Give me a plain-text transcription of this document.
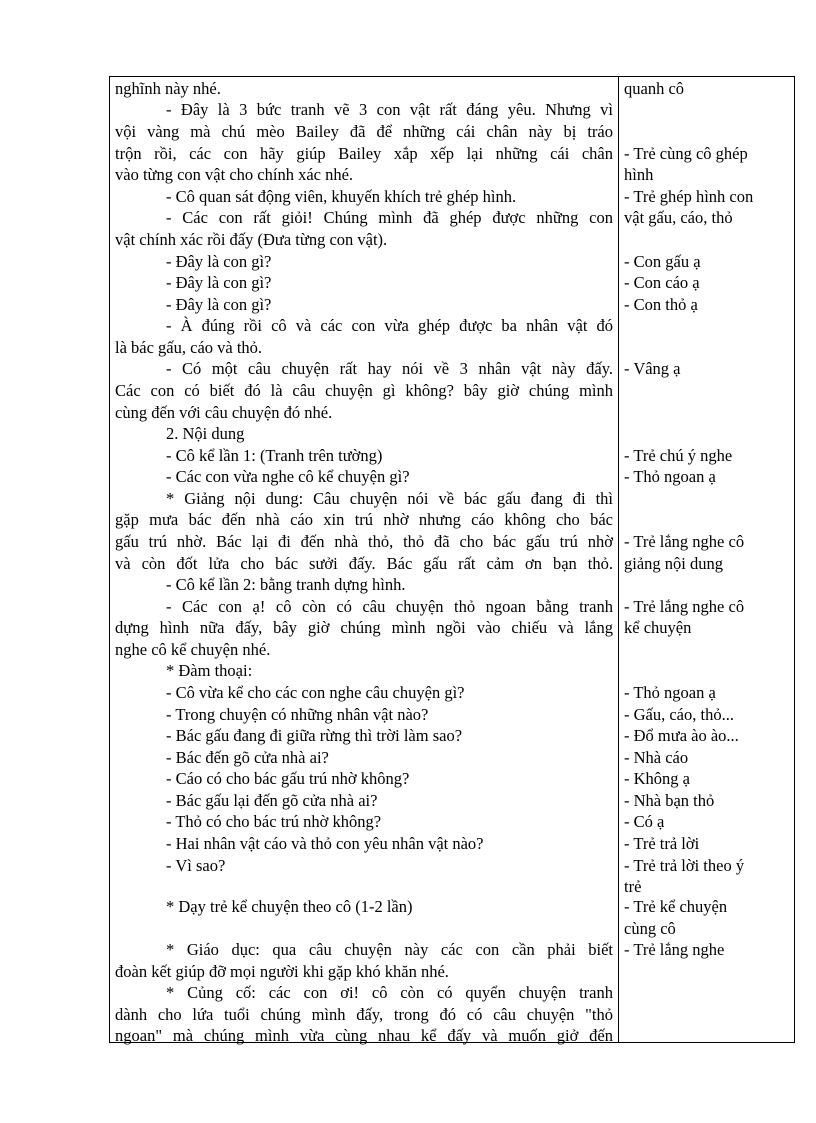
nghĩnh này nhé.
- Đây là 3 bức tranh vẽ 3 con vật rất đáng yêu. Nhưng vì
vội vàng mà chú mèo Bailey đã để những cái chân này bị tráo
trộn rồi, các con hãy giúp Bailey xắp xếp lại những cái chân
vào từng con vật cho chính xác nhé.
- Cô quan sát động viên, khuyến khích trẻ ghép hình.
- Các con rất giỏi! Chúng mình đã ghép được những con
vật chính xác rồi đấy (Đưa từng con vật).
- Đây là con gì?
- Đây là con gì?
- Đây là con gì?
- À đúng rồi cô và các con vừa ghép được ba nhân vật đó
là bác gấu, cáo và thỏ.
- Có một câu chuyện rất hay nói về 3 nhân vật này đấy.
Các con có biết đó là câu chuyện gì không? bây giờ chúng mình
cùng đến với câu chuyện đó nhé.
2. Nội dung
- Cô kể lần 1: (Tranh trên tường)
- Các con vừa nghe cô kể chuyện gì?
* Giảng nội dung: Câu chuyện nói về bác gấu đang đi thì
gặp mưa bác đến nhà cáo xin trú nhờ nhưng cáo không cho bác
gấu trú nhờ. Bác lại đi đến nhà thỏ, thỏ đã cho bác gấu trú nhờ
và còn đốt lửa cho bác sưởi đấy. Bác gấu rất cảm ơn bạn thỏ.
- Cô kể lần 2: bằng tranh dựng hình.
- Các con ạ! cô còn có câu chuyện thỏ ngoan bằng tranh
dựng hình nữa đấy, bây giờ chúng mình ngồi vào chiếu và lắng
nghe cô kể chuyện nhé.
* Đàm thoại:
- Cô vừa kể cho các con nghe câu chuyện gì?
- Trong chuyện có những nhân vật nào?
- Bác gấu đang đi giữa rừng thì trời làm sao?
- Bác đến gõ cửa nhà ai?
- Cáo có cho bác gấu trú nhờ không?
- Bác gấu lại đến gõ cửa nhà ai?
- Thỏ có cho bác trú nhờ không?
- Hai nhân vật cáo và thỏ con yêu nhân vật nào?
- Vì sao?
* Dạy trẻ kể chuyện theo cô (1-2 lần)
* Giáo dục: qua câu chuyện này các con cần phải biết
đoàn kết giúp đỡ mọi người khi gặp khó khăn nhé.
* Củng cố: các con ơi! cô còn có quyển chuyện tranh
dành cho lứa tuổi chúng mình đấy, trong đó có câu chuyện "thỏ
ngoan" mà chúng mình vừa cùng nhau kể đấy và muốn giở đến
quanh cô
- Trẻ cùng cô ghép
hình
- Trẻ ghép hình con
vật gấu, cáo, thỏ
- Con gấu ạ
- Con cáo ạ
- Con thỏ ạ
- Vâng ạ
- Trẻ chú ý nghe
- Thỏ ngoan ạ
- Trẻ lắng nghe cô
giảng nội dung
- Trẻ lắng nghe cô
kể chuyện
- Thỏ ngoan ạ
- Gấu, cáo, thỏ...
- Đổ mưa ào ào...
- Nhà cáo
- Không ạ
- Nhà bạn thỏ
- Có ạ
- Trẻ trả lời
- Trẻ trả lời theo ý
trẻ
- Trẻ kể chuyện
cùng cô
- Trẻ lắng nghe
